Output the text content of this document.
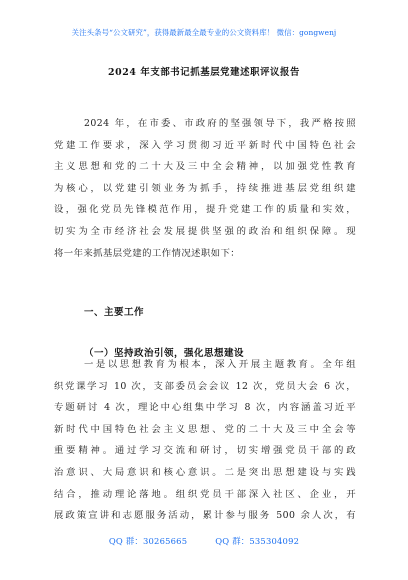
关注头条号“公文研究”，获得最新最全最专业的公文资料库！ 微信：gongwenj
2024 年支部书记抓基层党建述职评议报告
2024 年，在市委、市政府的坚强领导下，我严格按照
党建工作要求，深入学习贯彻习近平新时代中国特色社会
主义思想和党的二十大及三中全会精神，以加强党性教育
为核心，以党建引领业务为抓手，持续推进基层党组织建
设，强化党员先锋模范作用，提升党建工作的质量和实效，
切实为全市经济社会发展提供坚强的政治和组织保障。现
将一年来抓基层党建的工作情况述职如下：
一、主要工作
（一）坚持政治引领，强化思想建设
一是以思想教育为根本，深入开展主题教育。全年组
织党课学习 10 次，支部委员会会议 12 次，党员大会 6 次，
专题研讨 4 次，理论中心组集中学习 8 次，内容涵盖习近平
新时代中国特色社会主义思想、党的二十大及三中全会等
重要精神。通过学习交流和研讨，切实增强党员干部的政
治意识、大局意识和核心意识。二是突出思想建设与实践
结合，推动理论落地。组织党员干部深入社区、企业，开
展政策宣讲和志愿服务活动，累计参与服务 500 余人次，有
QQ 群：30265665	QQ 群：535304092
